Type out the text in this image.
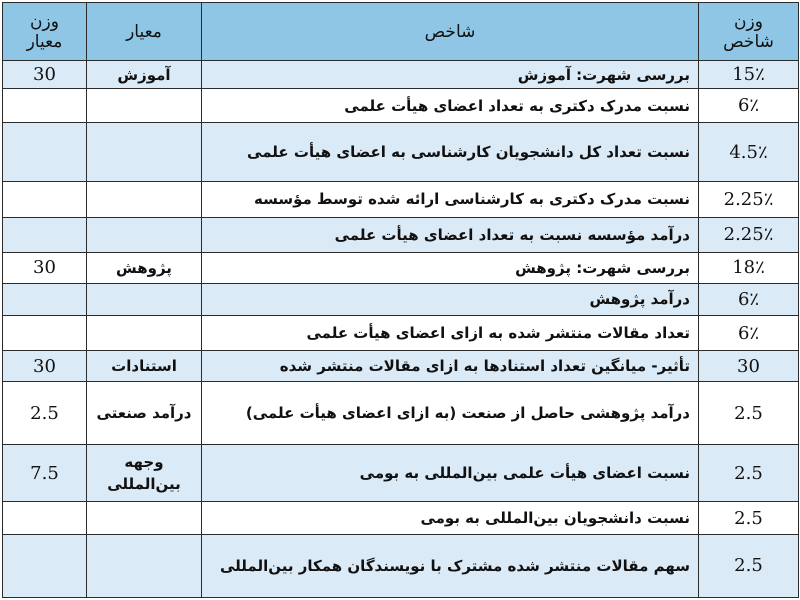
وزن معیار	معیار	شاخص	وزن شاخص
30	آموزش	بررسی شهرت: آموزش	15٪
		نسبت مدرک دکتری به تعداد اعضای هیأت علمی	6٪
		نسبت تعداد کل دانشجویان کارشناسی به اعضای هیأت علمی	4.5٪
		نسبت مدرک دکتری به کارشناسی ارائه شده توسط مؤسسه	2.25٪
		درآمد مؤسسه نسبت به تعداد اعضای هیأت علمی	2.25٪
30	پژوهش	بررسی شهرت: پژوهش	18٪
		درآمد پژوهش	6٪
		تعداد مقالات منتشر شده به ازای اعضای هیأت علمی	6٪
30	استنادات	تأثیر- میانگین تعداد استنادها به ازای مقالات منتشر شده	30
2.5	درآمد صنعتی	درآمد پژوهشی حاصل از صنعت (به ازای اعضای هیأت علمی)	2.5
7.5	وجهه بین‌المللی	نسبت اعضای هیأت علمی بین‌المللی به بومی	2.5
		نسبت دانشجویان بین‌المللی به بومی	2.5
		سهم مقالات منتشر شده مشترک با نویسندگان همکار بین‌المللی	2.5
